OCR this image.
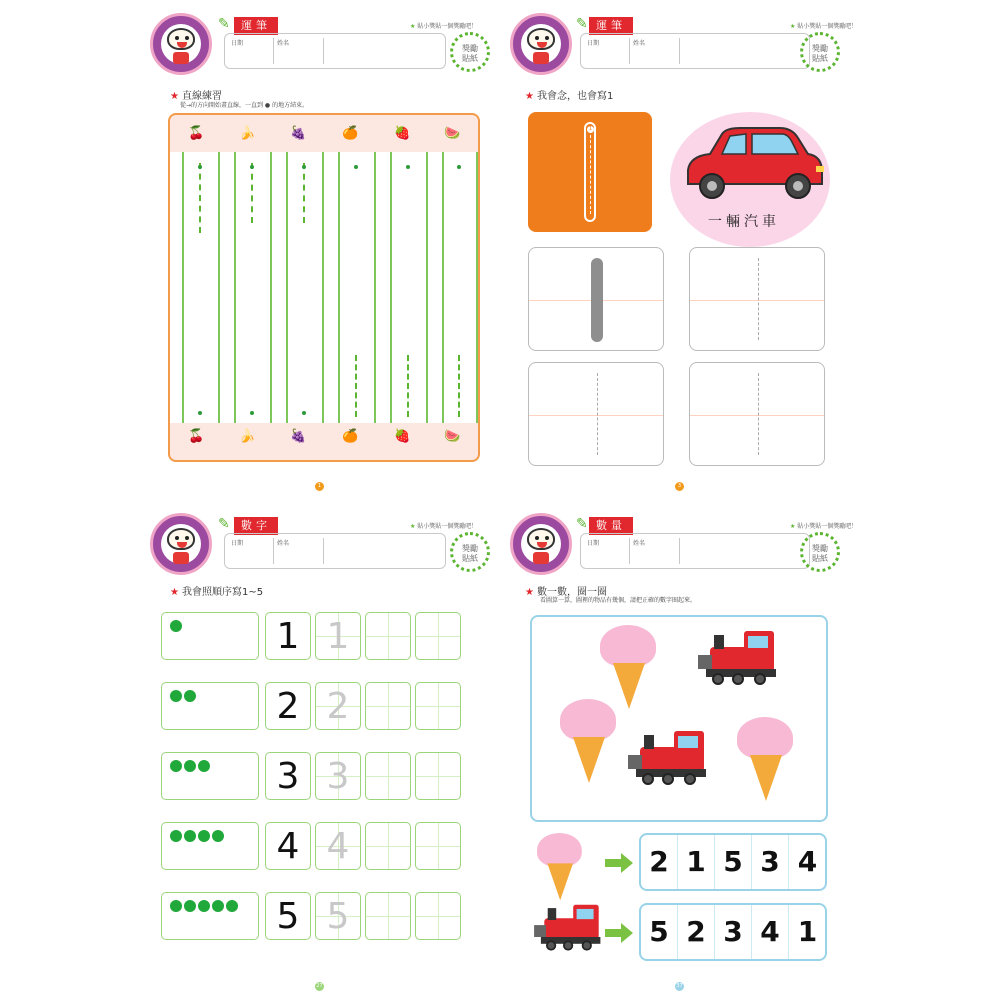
✎	運筆	★ 貼小獎貼一個獎勵吧！
日期	姓名
獎勵
貼紙
★ 直線練習
從→的方向開始畫直線，一直到 ● 的地方結束。
🍒	🍌	🍇	🍊	🍓	🍉
🍒	🍌	🍇	🍊	🍓	🍉
1
✎ 運筆	★ 貼小獎貼一個獎勵吧！
日期	姓名
獎勵
貼紙
★ 我會念，也會寫1
1
一輛汽車
3
✎	數字	★ 貼小獎貼一個獎勵吧！
日期	姓名
獎勵
貼紙
★ 我會照順序寫1~5
1 1
2 2
3 3
4 4
5 5
27
✎ 數量	★ 貼小獎貼一個獎勵吧！
日期	姓名
獎勵
貼紙
★ 數一數，圈一圈
看圖算一算，圖裡的物品有幾個，請把正確的數字圈起來。
2 1 5 3 4
5 2 3 4 1
37
